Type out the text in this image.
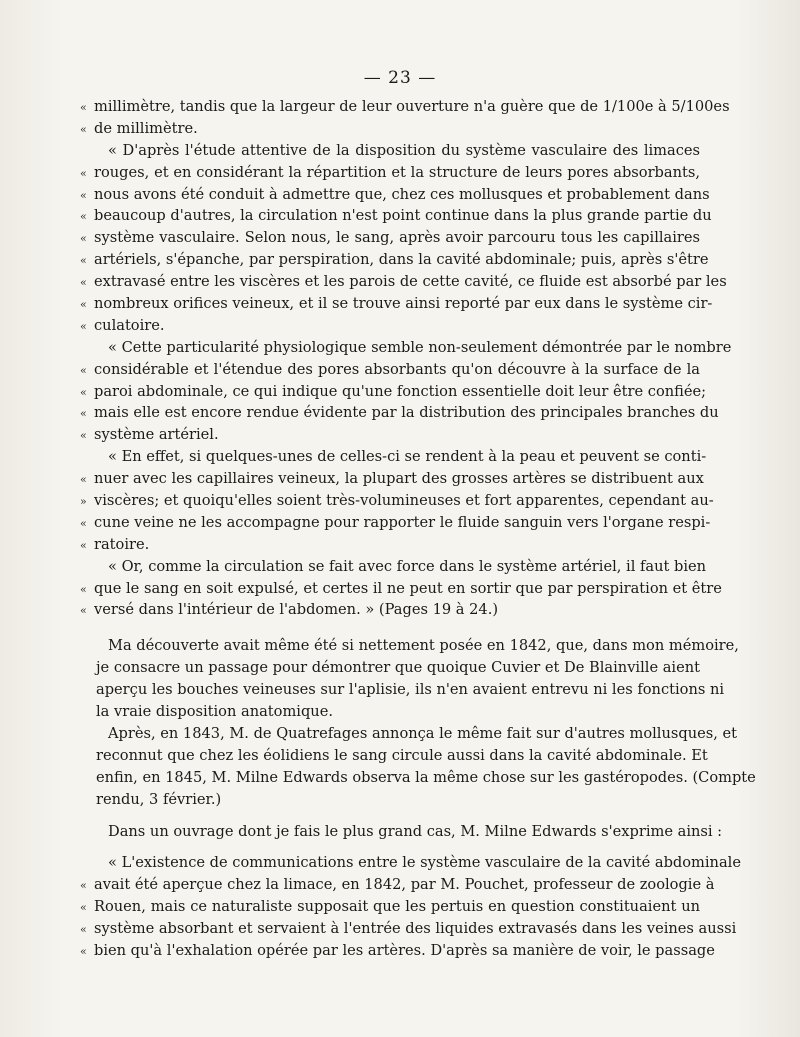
— 23 —
« millimètre, tandis que la largeur de leur ouverture n'a guère que de 1/100e à 5/100es
« de millimètre.
« D'après l'étude attentive de la disposition du système vasculaire des limaces
« rouges, et en considérant la répartition et la structure de leurs pores absorbants,
« nous avons été conduit à admettre que, chez ces mollusques et probablement dans
« beaucoup d'autres, la circulation n'est point continue dans la plus grande partie du
« système vasculaire. Selon nous, le sang, après avoir parcouru tous les capillaires
« artériels, s'épanche, par perspiration, dans la cavité abdominale; puis, après s'être
« extravasé entre les viscères et les parois de cette cavité, ce fluide est absorbé par les
« nombreux orifices veineux, et il se trouve ainsi reporté par eux dans le système cir-
« culatoire.
« Cette particularité physiologique semble non-seulement démontrée par le nombre
« considérable et l'étendue des pores absorbants qu'on découvre à la surface de la
« paroi abdominale, ce qui indique qu'une fonction essentielle doit leur être confiée;
« mais elle est encore rendue évidente par la distribution des principales branches du
« système artériel.
« En effet, si quelques-unes de celles-ci se rendent à la peau et peuvent se conti-
« nuer avec les capillaires veineux, la plupart des grosses artères se distribuent aux
» viscères; et quoiqu'elles soient très-volumineuses et fort apparentes, cependant au-
« cune veine ne les accompagne pour rapporter le fluide sanguin vers l'organe respi-
« ratoire.
« Or, comme la circulation se fait avec force dans le système artériel, il faut bien
« que le sang en soit expulsé, et certes il ne peut en sortir que par perspiration et être
« versé dans l'intérieur de l'abdomen. » (Pages 19 à 24.)
Ma découverte avait même été si nettement posée en 1842, que, dans mon mémoire,
je consacre un passage pour démontrer que quoique Cuvier et De Blainville aient
aperçu les bouches veineuses sur l'aplisie, ils n'en avaient entrevu ni les fonctions ni
la vraie disposition anatomique.
Après, en 1843, M. de Quatrefages annonça le même fait sur d'autres mollusques, et
reconnut que chez les éolidiens le sang circule aussi dans la cavité abdominale. Et
enfin, en 1845, M. Milne Edwards observa la même chose sur les gastéropodes. (Compte
rendu, 3 février.)
Dans un ouvrage dont je fais le plus grand cas, M. Milne Edwards s'exprime ainsi :
« L'existence de communications entre le système vasculaire de la cavité abdominale
« avait été aperçue chez la limace, en 1842, par M. Pouchet, professeur de zoologie à
« Rouen, mais ce naturaliste supposait que les pertuis en question constituaient un
« système absorbant et servaient à l'entrée des liquides extravasés dans les veines aussi
« bien qu'à l'exhalation opérée par les artères. D'après sa manière de voir, le passage
